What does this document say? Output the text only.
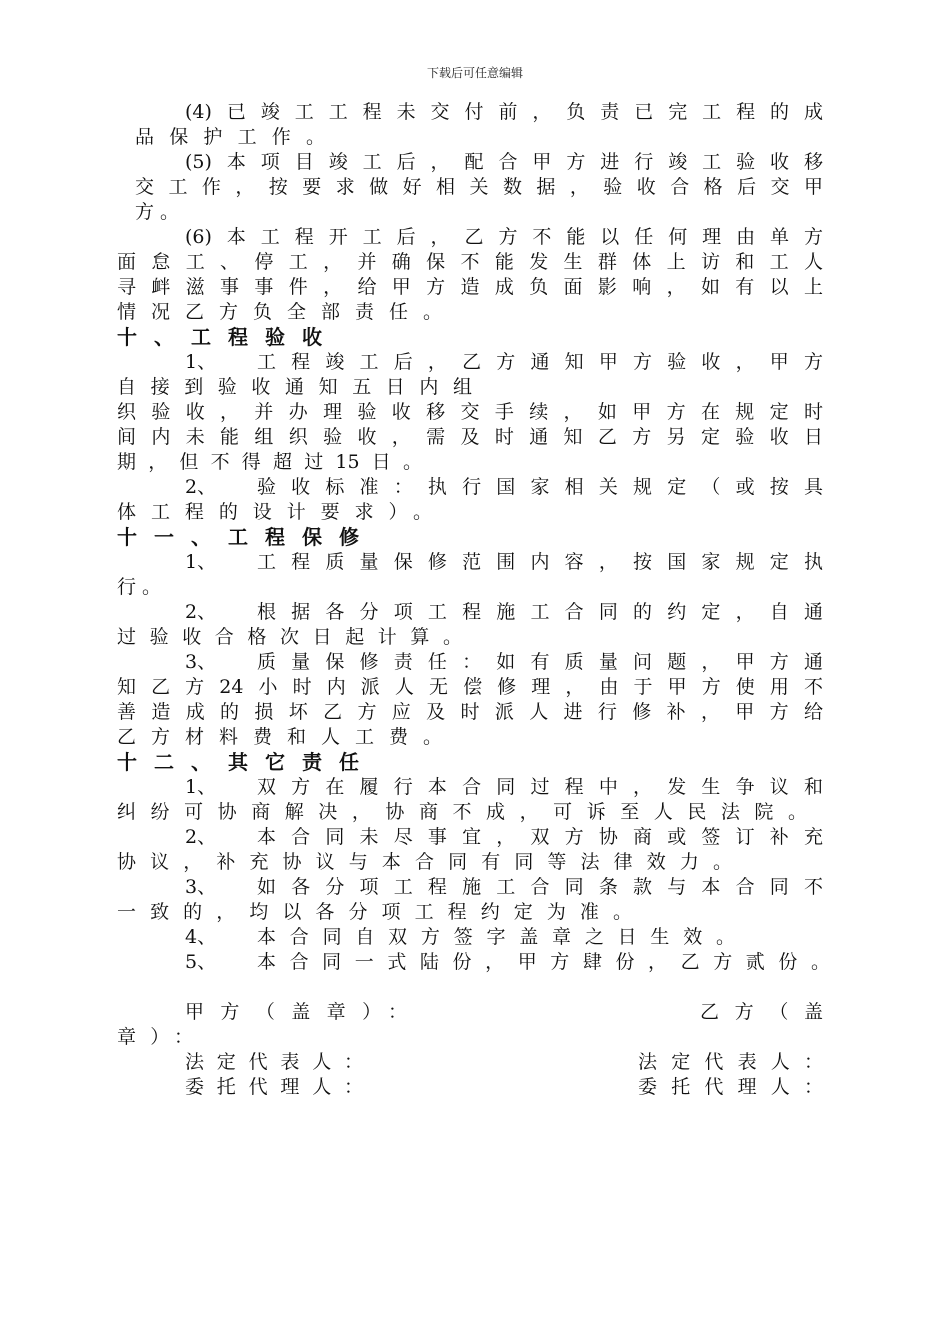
下载后可任意编辑
(4)已竣工工程未交付前，负责已完工程的成
品保护工作。
(5)本项目竣工后，配合甲方进行竣工验收移
交工作，按要求做好相关数据，验收合格后交甲
方。
(6)本工程开工后，乙方不能以任何理由单方
面怠工、停工，并确保不能发生群体上访和工人
寻衅滋事事件，给甲方造成负面影响，如有以上
情况乙方负全部责任。
十、工程验收
1、 工程竣工后，乙方通知甲方验收，甲方
自接到验收通知五日内组
织验收，并办理验收移交手续，如甲方在规定时
间内未能组织验收，需及时通知乙方另定验收日
期，但不得超过15日。
2、 验收标准：执行国家相关规定（或按具
体工程的设计要求）。
十一、工程保修
1、 工程质量保修范围内容，按国家规定执
行。
2、 根据各分项工程施工合同的约定，自通
过验收合格次日起计算。
3、 质量保修责任：如有质量问题，甲方通
知乙方24小时内派人无偿修理，由于甲方使用不
善造成的损坏乙方应及时派人进行修补，甲方给
乙方材料费和人工费。
十二、其它责任
1、 双方在履行本合同过程中，发生争议和
纠纷可协商解决，协商不成，可诉至人民法院。
2、 本合同未尽事宜，双方协商或签订补充
协议，补充协议与本合同有同等法律效力。
3、 如各分项工程施工合同条款与本合同不
一致的，均以各分项工程约定为准。
4、 本合同自双方签字盖章之日生效。
5、 本合同一式陆份，甲方肆份，乙方贰份。
甲方（盖章）：	乙方（盖
章）：
法定代表人：	法定代表人：
委托代理人：	委托代理人：
